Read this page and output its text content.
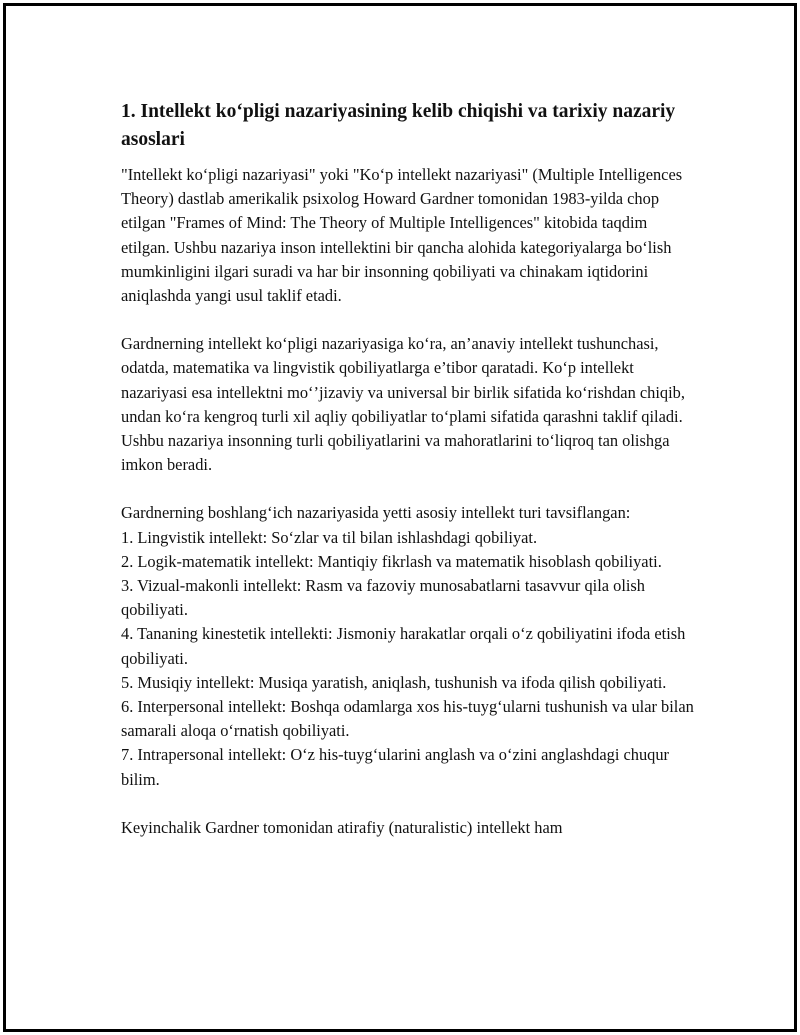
1. Intellekt ko‘pligi nazariyasining kelib chiqishi va tarixiy nazariy asoslari

"Intellekt ko‘pligi nazariyasi" yoki "Ko‘p intellekt nazariyasi" (Multiple Intelligences Theory) dastlab amerikalik psixolog Howard Gardner tomonidan 1983-yilda chop etilgan "Frames of Mind: The Theory of Multiple Intelligences" kitobida taqdim etilgan. Ushbu nazariya inson intellektini bir qancha alohida kategoriyalarga bo‘lish mumkinligini ilgari suradi va har bir insonning qobiliyati va chinakam iqtidorini aniqlashda yangi usul taklif etadi.

Gardnerning intellekt ko‘pligi nazariyasiga ko‘ra, an’anaviy intellekt tushunchasi, odatda, matematika va lingvistik qobiliyatlarga e’tibor qaratadi. Ko‘p intellekt nazariyasi esa intellektni mo‘’jizaviy va universal bir birlik sifatida ko‘rishdan chiqib, undan ko‘ra kengroq turli xil aqliy qobiliyatlar to‘plami sifatida qarashni taklif qiladi. Ushbu nazariya insonning turli qobiliyatlarini va mahoratlarini to‘liqroq tan olishga imkon beradi.

Gardnerning boshlang‘ich nazariyasida yetti asosiy intellekt turi tavsiflangan:
1. Lingvistik intellekt: So‘zlar va til bilan ishlashdagi qobiliyat.
2. Logik-matematik intellekt: Mantiqiy fikrlash va matematik hisoblash qobiliyati.
3. Vizual-makonli intellekt: Rasm va fazoviy munosabatlarni tasavvur qila olish qobiliyati.
4. Tananing kinestetik intellekti: Jismoniy harakatlar orqali o‘z qobiliyatini ifoda etish qobiliyati.
5. Musiqiy intellekt: Musiqa yaratish, aniqlash, tushunish va ifoda qilish qobiliyati.
6. Interpersonal intellekt: Boshqa odamlarga xos his-tuyg‘ularni tushunish va ular bilan samarali aloqa o‘rnatish qobiliyati.
7. Intrapersonal intellekt: O‘z his-tuyg‘ularini anglash va o‘zini anglashdagi chuqur bilim.

Keyinchalik Gardner tomonidan atirafiy (naturalistic) intellekt ham
